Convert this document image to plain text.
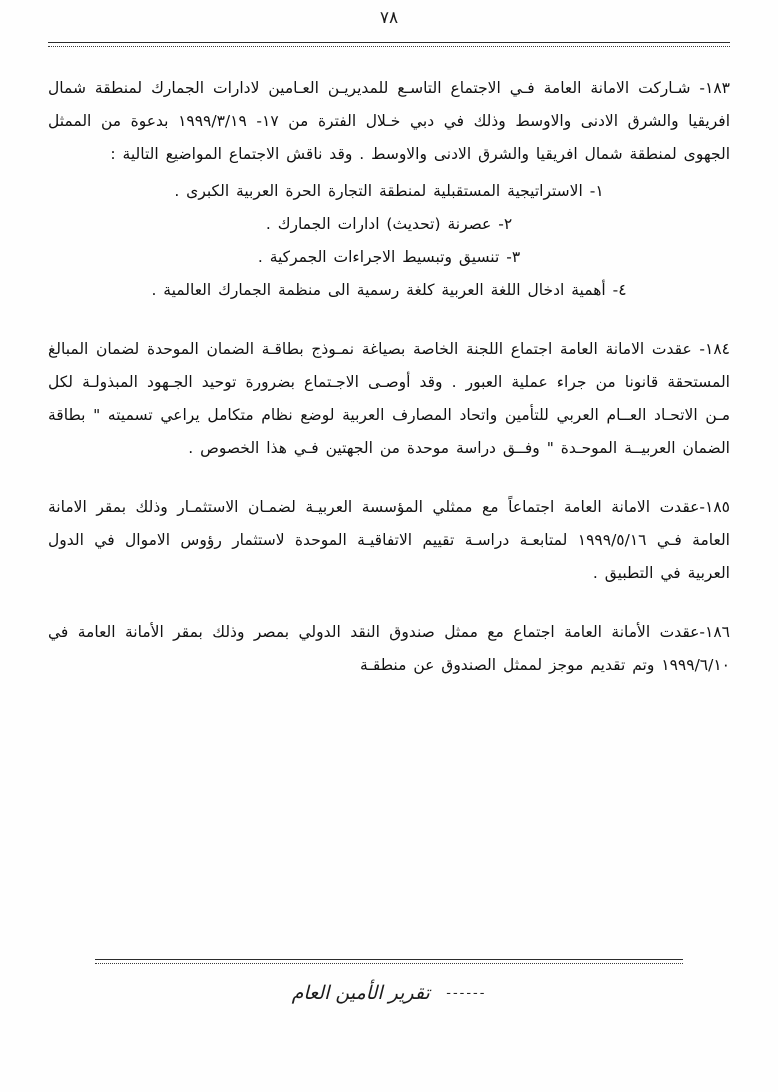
٧٨

١٨٣- شـاركت الامانة العامة فـي الاجتماع التاسـع للمديريـن العـامين لادارات الجمارك لمنطقة شمال افريقيا والشرق الادنى والاوسط وذلك في دبي خـلال الفترة من ١٧- ١٩٩٩/٣/١٩ بدعوة من الممثل الجهوى لمنطقة شمال افريقيا والشرق الادنى والاوسط . وقد ناقش الاجتماع المواضيع التالية :

١- الاستراتيجية المستقبلية لمنطقة التجارة الحرة العربية الكبرى .
٢- عصرنة (تحديث) ادارات الجمارك .
٣- تنسيق وتبسيط الاجراءات الجمركية .
٤- أهمية ادخال اللغة العربية كلغة رسمية الى منظمة الجمارك العالمية .

١٨٤- عقدت الامانة العامة اجتماع اللجنة الخاصة بصياغة نمـوذج بطاقـة الضمان الموحدة لضمان المبالغ المستحقة قانونا من جراء عملية العبور . وقد أوصـى الاجـتماع بضرورة توحيد الجـهود المبذولـة لكل مـن الاتحـاد العــام العربي للتأمين واتحاد المصارف العربية لوضع نظام متكامل يراعي تسميته " بطاقة الضمان العربيــة الموحـدة " وفــق دراسة موحدة من الجهتين فـي هذا الخصوص .

١٨٥-عقدت الامانة العامة اجتماعاً مع ممثلي المؤسسة العربيـة لضمـان الاستثمـار وذلك بمقر الامانة العامة فـي ١٩٩٩/٥/١٦ لمتابعـة دراسـة تقييم الاتفاقيـة الموحدة لاستثمار رؤوس الاموال في الدول العربية في التطبيق .

١٨٦-عقدت الأمانة العامة اجتماع مع ممثل صندوق النقد الدولي بمصر وذلك بمقر الأمانة العامة في ١٩٩٩/٦/١٠ وتم تقديم موجز لممثل الصندوق عن منطقـة

------ تقرير الأمين العام
